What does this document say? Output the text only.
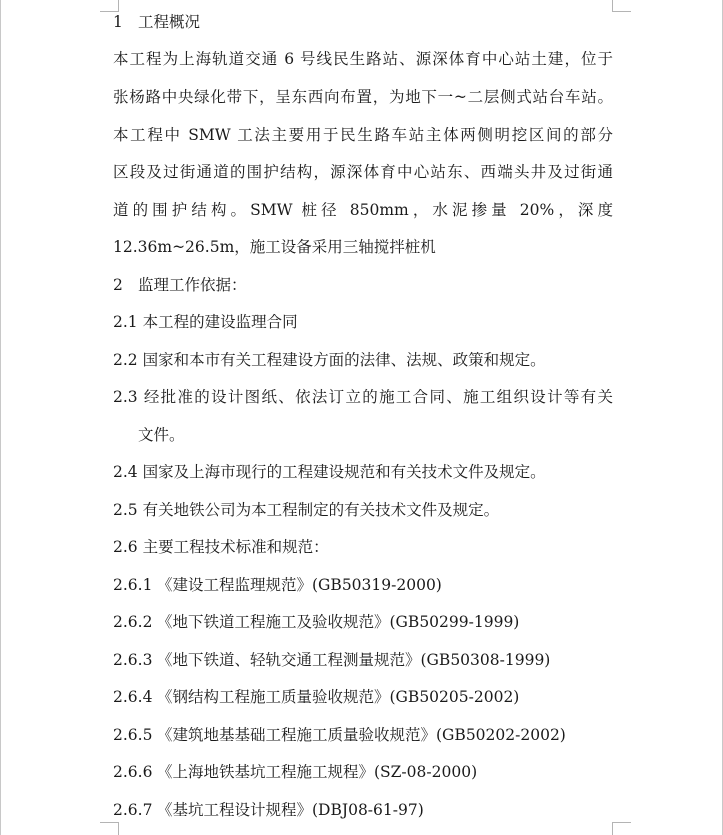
1 工程概况
本工程为上海轨道交通 6 号线民生路站、源深体育中心站土建，位于
张杨路中央绿化带下，呈东西向布置，为地下一~二层侧式站台车站。
本工程中 SMW 工法主要用于民生路车站主体两侧明挖区间的部分
区段及过街通道的围护结构，源深体育中心站东、西端头井及过街通
道的围护结构。SMW 桩径 850mm，水泥掺量 20%，深度
12.36m~26.5m，施工设备采用三轴搅拌桩机
2 监理工作依据：
2.1 本工程的建设监理合同
2.2 国家和本市有关工程建设方面的法律、法规、政策和规定。
2.3 经批准的设计图纸、依法订立的施工合同、施工组织设计等有关
文件。
2.4 国家及上海市现行的工程建设规范和有关技术文件及规定。
2.5 有关地铁公司为本工程制定的有关技术文件及规定。
2.6 主要工程技术标准和规范：
2.6.1 《建设工程监理规范》(GB50319-2000)
2.6.2 《地下铁道工程施工及验收规范》(GB50299-1999)
2.6.3 《地下铁道、轻轨交通工程测量规范》(GB50308-1999)
2.6.4 《钢结构工程施工质量验收规范》(GB50205-2002)
2.6.5 《建筑地基基础工程施工质量验收规范》(GB50202-2002)
2.6.6 《上海地铁基坑工程施工规程》(SZ-08-2000)
2.6.7 《基坑工程设计规程》(DBJ08-61-97)
